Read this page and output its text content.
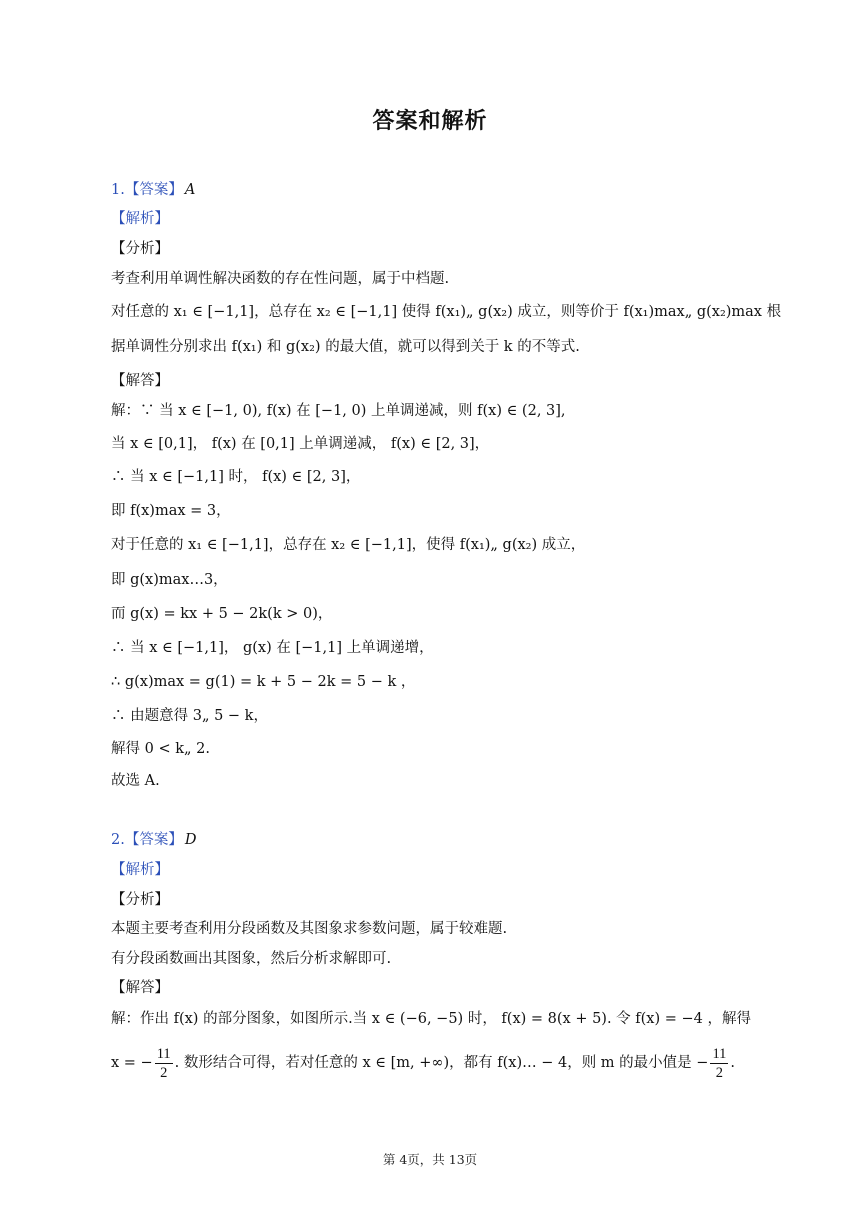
答案和解析
1.【答案】 A
【解析】
【分析】
考查利用单调性解决函数的存在性问题，属于中档题.
对任意的 x₁ ∈ [−1,1]，总存在 x₂ ∈ [−1,1] 使得 f(x₁)„ g(x₂) 成立，则等价于 f(x₁)max„ g(x₂)max 根
据单调性分别求出 f(x₁) 和 g(x₂) 的最大值，就可以得到关于 k 的不等式.
【解答】
解：∵ 当 x ∈ [−1, 0), f(x) 在 [−1, 0) 上单调递减，则 f(x) ∈ (2, 3],
当 x ∈ [0,1]， f(x) 在 [0,1] 上单调递减， f(x) ∈ [2, 3]，
∴ 当 x ∈ [−1,1] 时， f(x) ∈ [2, 3]，
即 f(x)max = 3，
对于任意的 x₁ ∈ [−1,1]，总存在 x₂ ∈ [−1,1]，使得 f(x₁)„ g(x₂) 成立，
即 g(x)max…3，
而 g(x) = kx + 5 − 2k(k > 0)，
∴ 当 x ∈ [−1,1]， g(x) 在 [−1,1] 上单调递增，
∴ g(x)max = g(1) = k + 5 − 2k = 5 − k ，
∴ 由题意得 3„ 5 − k，
解得 0 < k„ 2.
故选 A.
2.【答案】 D
【解析】
【分析】
本题主要考查利用分段函数及其图象求参数问题，属于较难题.
有分段函数画出其图象，然后分析求解即可.
【解答】
解：作出 f(x) 的部分图象，如图所示.当 x ∈ (−6, −5) 时， f(x) = 8(x + 5). 令 f(x) = −4 ，解得
x = − $\frac{11}{2}$ . 数形结合可得，若对任意的 x ∈ [m, +∞)，都有 f(x)… − 4，则 m 的最小值是 − $\frac{11}{2}$ .
第 4页，共 13页
